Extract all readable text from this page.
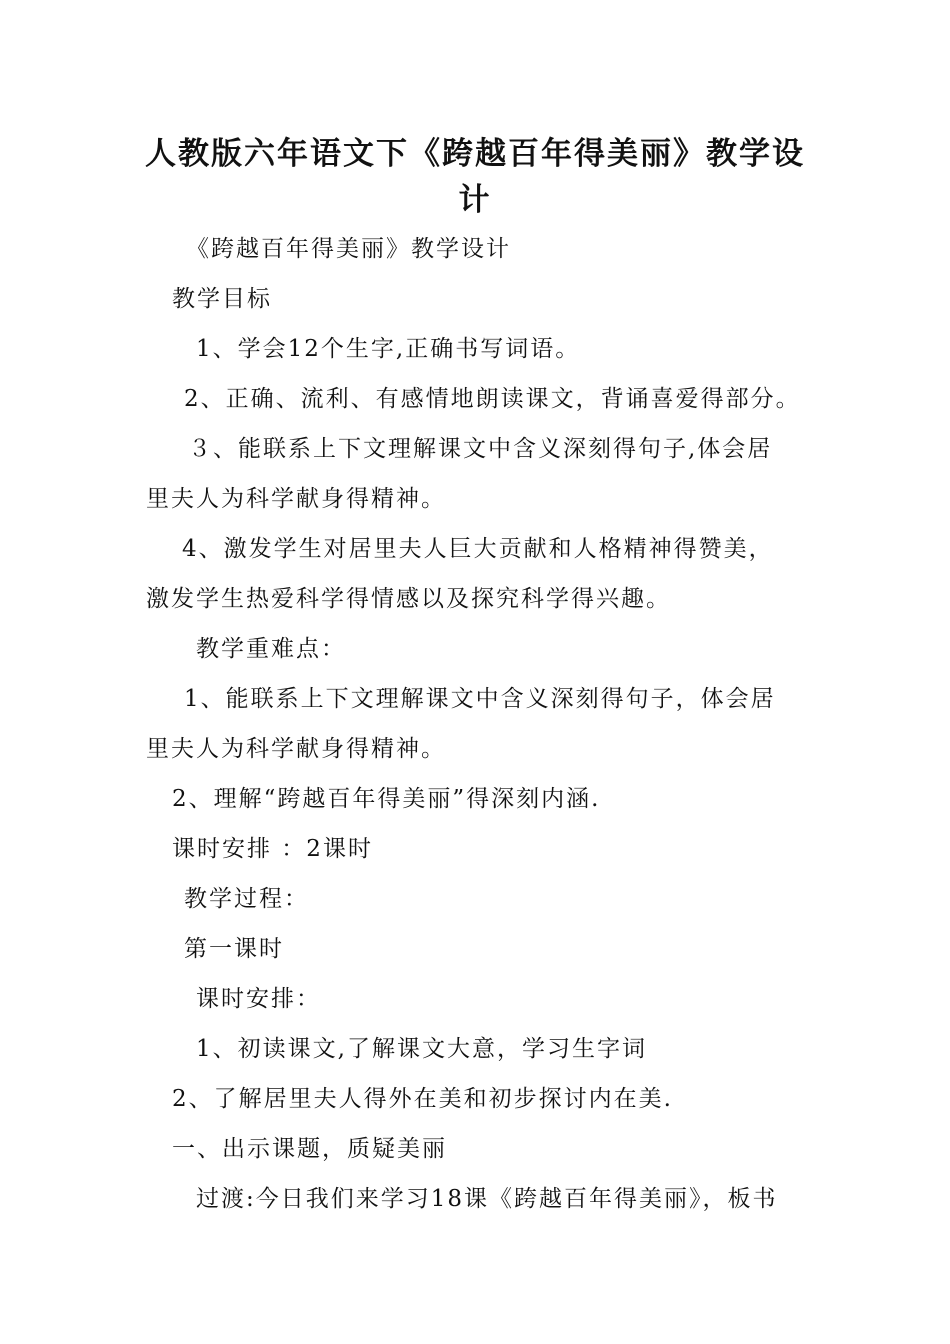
人教版六年语文下《跨越百年得美丽》教学设
计
《跨越百年得美丽》教学设计
教学目标
1、学会12个生字,正确书写词语。
2、正确、流利、有感情地朗读课文，背诵喜爱得部分。
３、能联系上下文理解课文中含义深刻得句子,体会居
里夫人为科学献身得精神。
4、激发学生对居里夫人巨大贡献和人格精神得赞美，
激发学生热爱科学得情感以及探究科学得兴趣。
教学重难点：
1、能联系上下文理解课文中含义深刻得句子，体会居
里夫人为科学献身得精神。
2、理解“跨越百年得美丽”得深刻内涵.
课时安排 ：2课时
教学过程：
第一课时
课时安排：
1、初读课文,了解课文大意，学习生字词
2、了解居里夫人得外在美和初步探讨内在美.
一、出示课题，质疑美丽
过渡:今日我们来学习18课《跨越百年得美丽》，板书
